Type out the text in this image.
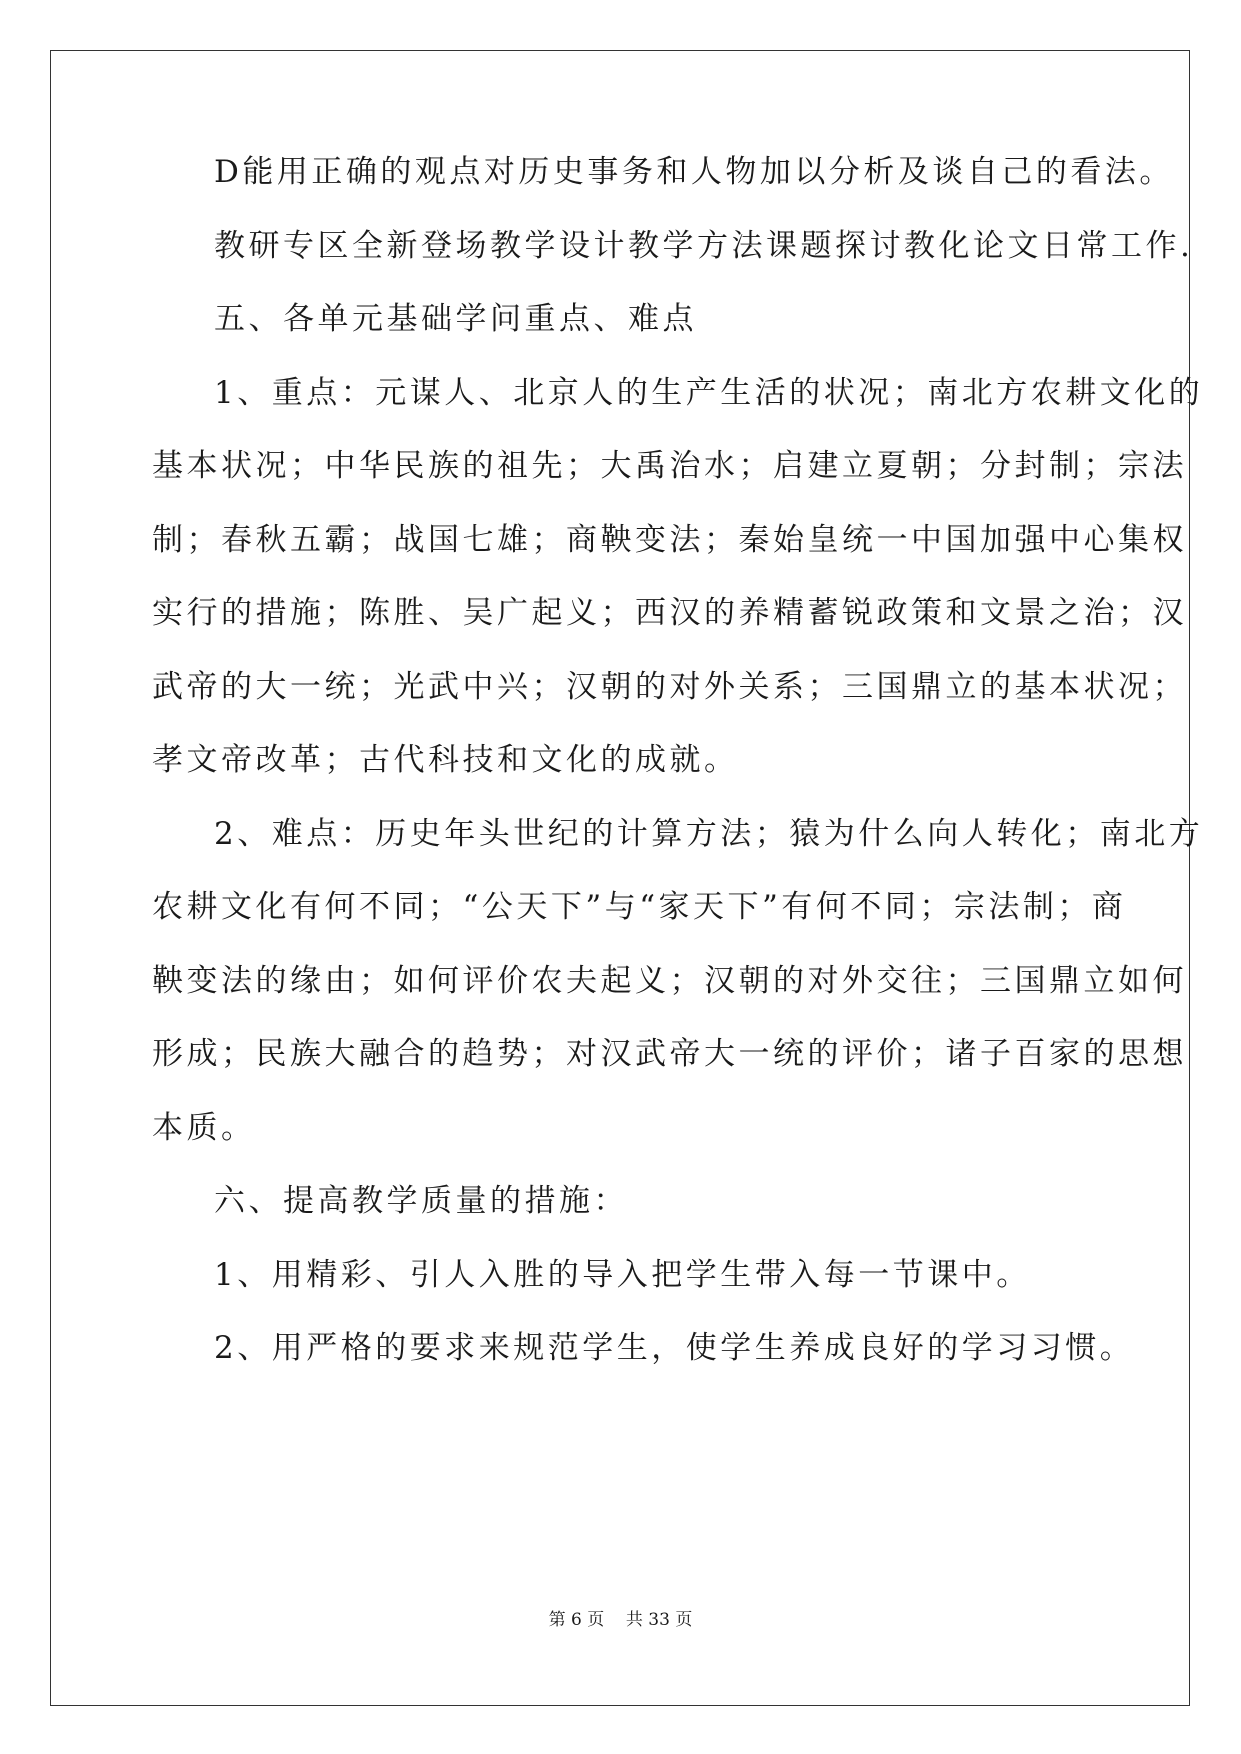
D能用正确的观点对历史事务和人物加以分析及谈自己的看法。
教研专区全新登场教学设计教学方法课题探讨教化论文日常工作.
五、各单元基础学问重点、难点
1、重点：元谋人、北京人的生产生活的状况；南北方农耕文化的
基本状况；中华民族的祖先；大禹治水；启建立夏朝；分封制；宗法
制；春秋五霸；战国七雄；商鞅变法；秦始皇统一中国加强中心集权
实行的措施；陈胜、吴广起义；西汉的养精蓄锐政策和文景之治；汉
武帝的大一统；光武中兴；汉朝的对外关系；三国鼎立的基本状况；
孝文帝改革；古代科技和文化的成就。
2、难点：历史年头世纪的计算方法；猿为什么向人转化；南北方
农耕文化有何不同；“公天下”与“家天下”有何不同；宗法制；商
鞅变法的缘由；如何评价农夫起义；汉朝的对外交往；三国鼎立如何
形成；民族大融合的趋势；对汉武帝大一统的评价；诸子百家的思想
本质。
六、提高教学质量的措施：
1、用精彩、引人入胜的导入把学生带入每一节课中。
2、用严格的要求来规范学生，使学生养成良好的学习习惯。
第 6 页 共 33 页
